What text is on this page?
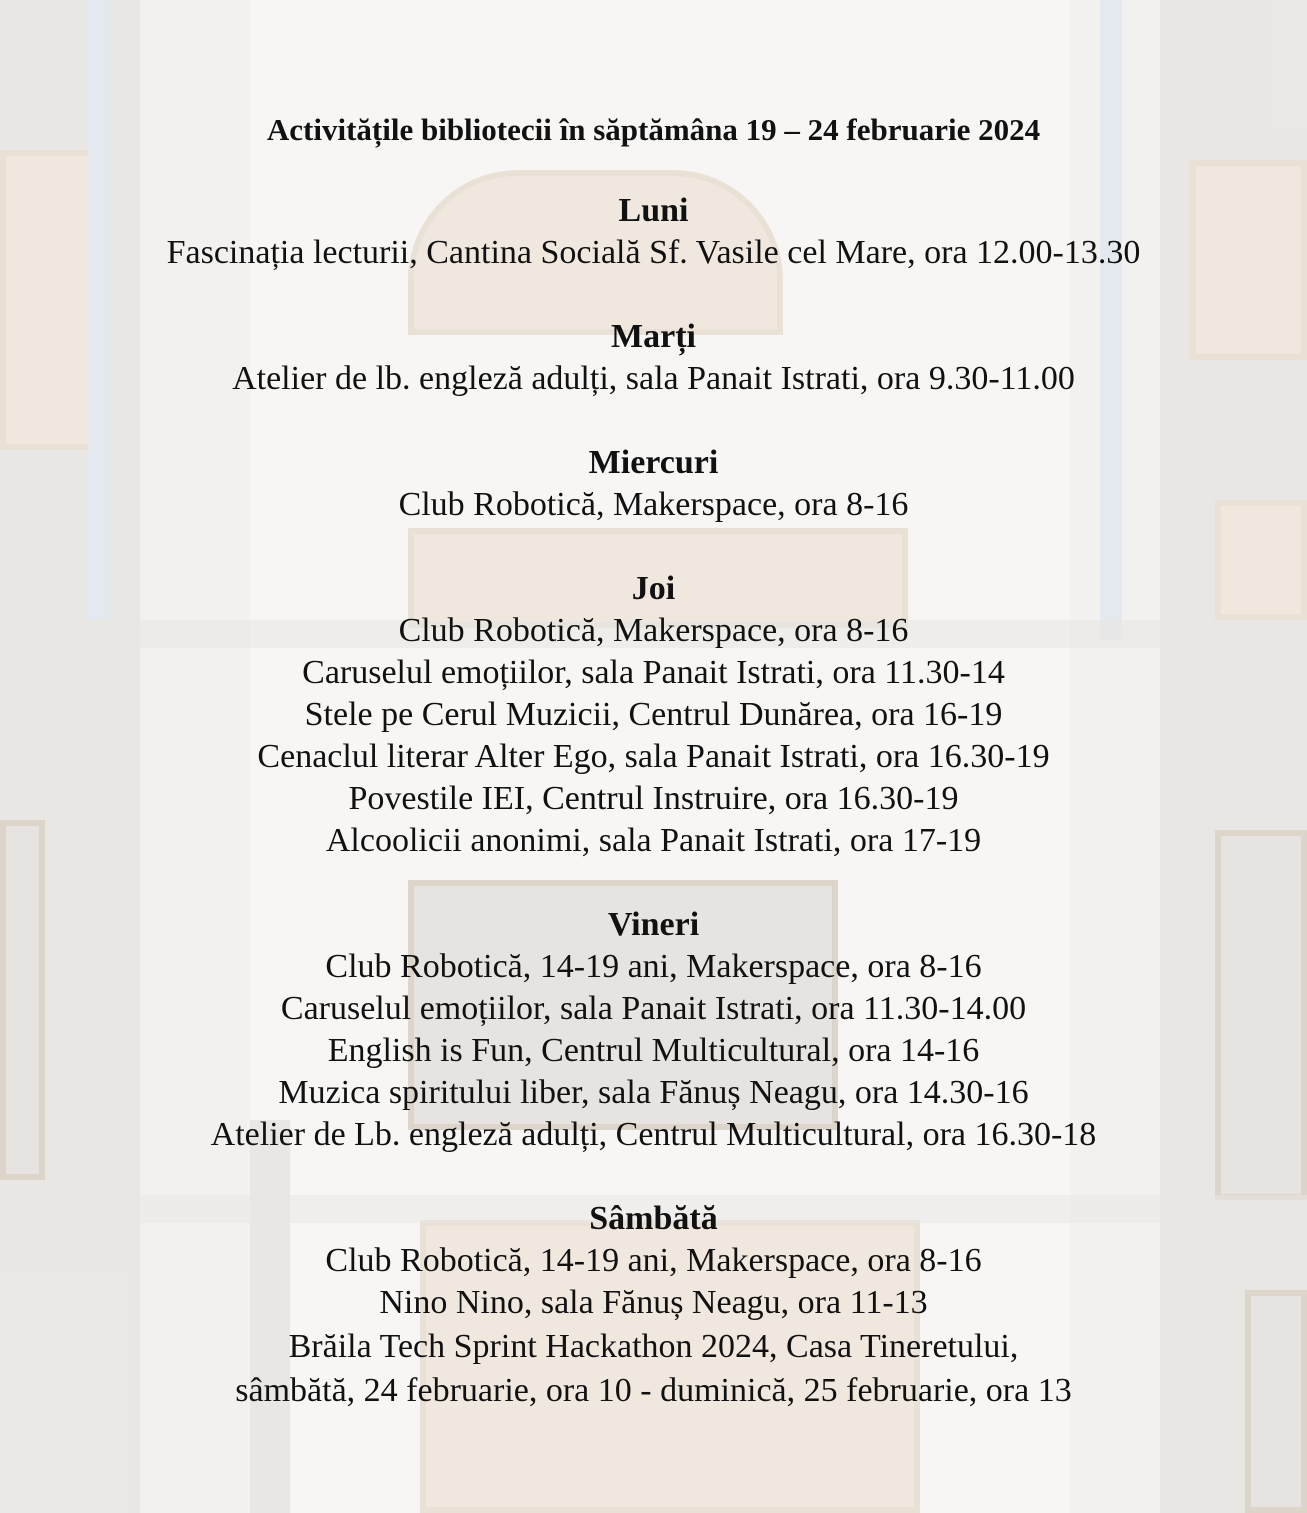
Activitățile bibliotecii în săptămâna 19 – 24 februarie 2024
Luni
Fascinația lecturii, Cantina Socială Sf. Vasile cel Mare, ora 12.00-13.30
Marți
Atelier de lb. engleză adulți, sala Panait Istrati, ora 9.30-11.00
Miercuri
Club Robotică, Makerspace, ora 8-16
Joi
Club Robotică, Makerspace, ora 8-16
Caruselul emoțiilor, sala Panait Istrati, ora 11.30-14
Stele pe Cerul Muzicii, Centrul Dunărea, ora 16-19
Cenaclul literar Alter Ego, sala Panait Istrati, ora 16.30-19
Povestile IEI, Centrul Instruire, ora 16.30-19
Alcoolicii anonimi, sala Panait Istrati, ora 17-19
Vineri
Club Robotică, 14-19 ani, Makerspace, ora 8-16
Caruselul emoțiilor, sala Panait Istrati, ora 11.30-14.00
English is Fun, Centrul Multicultural, ora 14-16
Muzica spiritului liber, sala Fănuș Neagu, ora 14.30-16
Atelier de Lb. engleză adulți, Centrul Multicultural, ora 16.30-18
Sâmbătă
Club Robotică, 14-19 ani, Makerspace, ora 8-16
Nino Nino, sala Fănuș Neagu, ora 11-13
Brăila Tech Sprint Hackathon 2024, Casa Tineretului,
sâmbătă, 24 februarie, ora 10 - duminică, 25 februarie, ora 13
